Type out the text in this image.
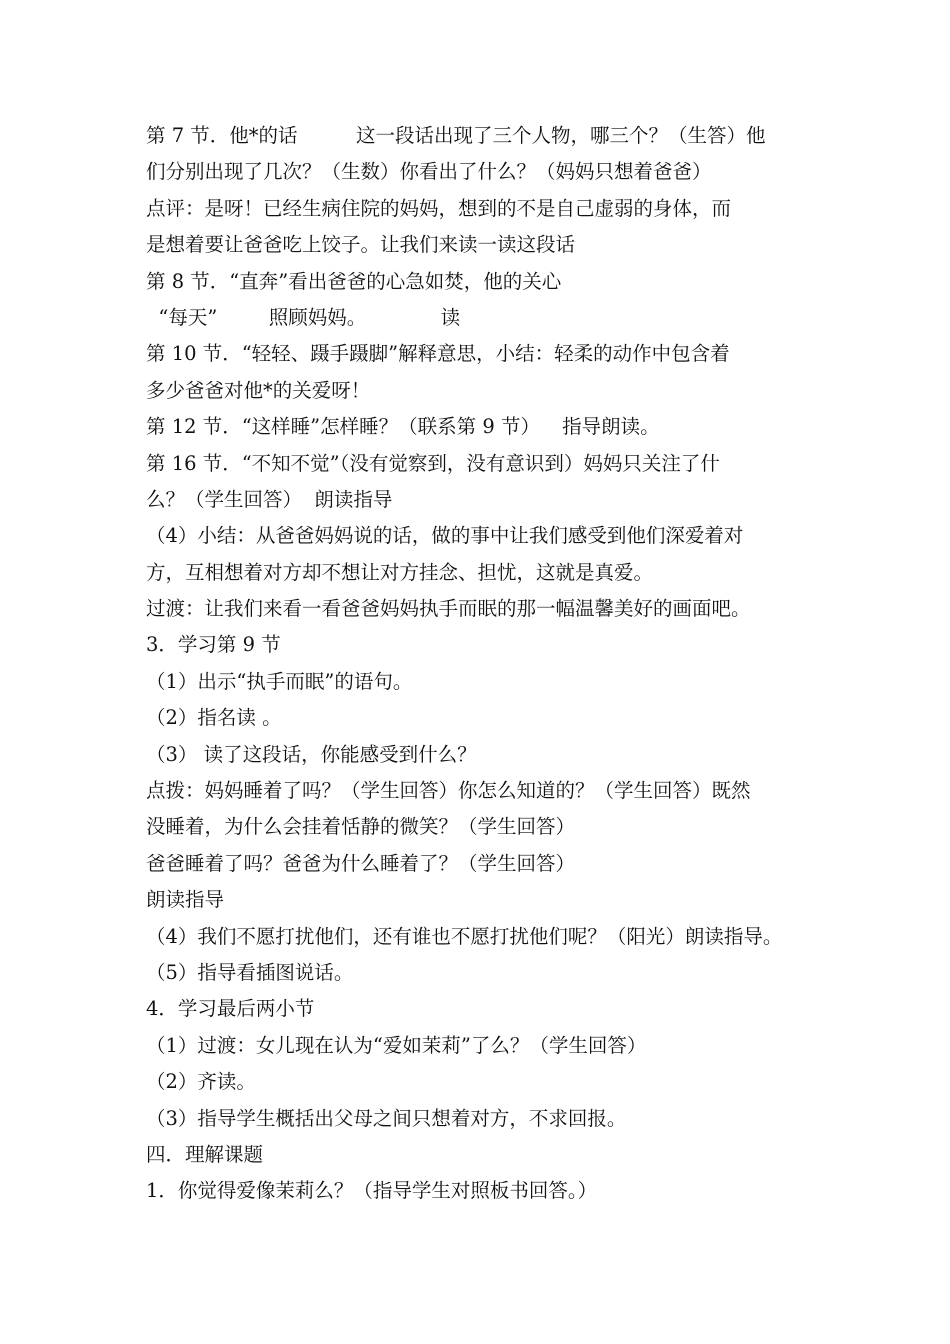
第 7 节．他*的话　　　这一段话出现了三个人物，哪三个？（生答）他
们分别出现了几次？（生数）你看出了什么？（妈妈只想着爸爸）
点评：是呀！已经生病住院的妈妈，想到的不是自己虚弱的身体，而
是想着要让爸爸吃上饺子。让我们来读一读这段话
第 8 节．“直奔”看出爸爸的心急如焚，他的关心
“每天”　　  照顾妈妈。　　　　 读
第 10 节．“轻轻、蹑手蹑脚”解释意思，小结：轻柔的动作中包含着
多少爸爸对他*的关爱呀！
第 12 节．“这样睡”怎样睡？（联系第 9 节）　  指导朗读。
第 16 节．“不知不觉”（没有觉察到，没有意识到）妈妈只关注了什
么？（学生回答）  朗读指导
（4）小结：从爸爸妈妈说的话，做的事中让我们感受到他们深爱着对
方，互相想着对方却不想让对方挂念、担忧，这就是真爱。
过渡：让我们来看一看爸爸妈妈执手而眠的那一幅温馨美好的画面吧。
3．学习第 9 节
（1）出示“执手而眠”的语句。
（2）指名读 。
（3） 读了这段话，你能感受到什么？
点拨：妈妈睡着了吗？（学生回答）你怎么知道的？（学生回答）既然
没睡着，为什么会挂着恬静的微笑？（学生回答）
爸爸睡着了吗？爸爸为什么睡着了？（学生回答）
朗读指导
（4）我们不愿打扰他们，还有谁也不愿打扰他们呢？（阳光）朗读指导。
（5）指导看插图说话。
4．学习最后两小节
（1）过渡：女儿现在认为“爱如茉莉”了么？（学生回答）
（2）齐读。
（3）指导学生概括出父母之间只想着对方，不求回报。
四．理解课题
1．你觉得爱像茉莉么？（指导学生对照板书回答。）
